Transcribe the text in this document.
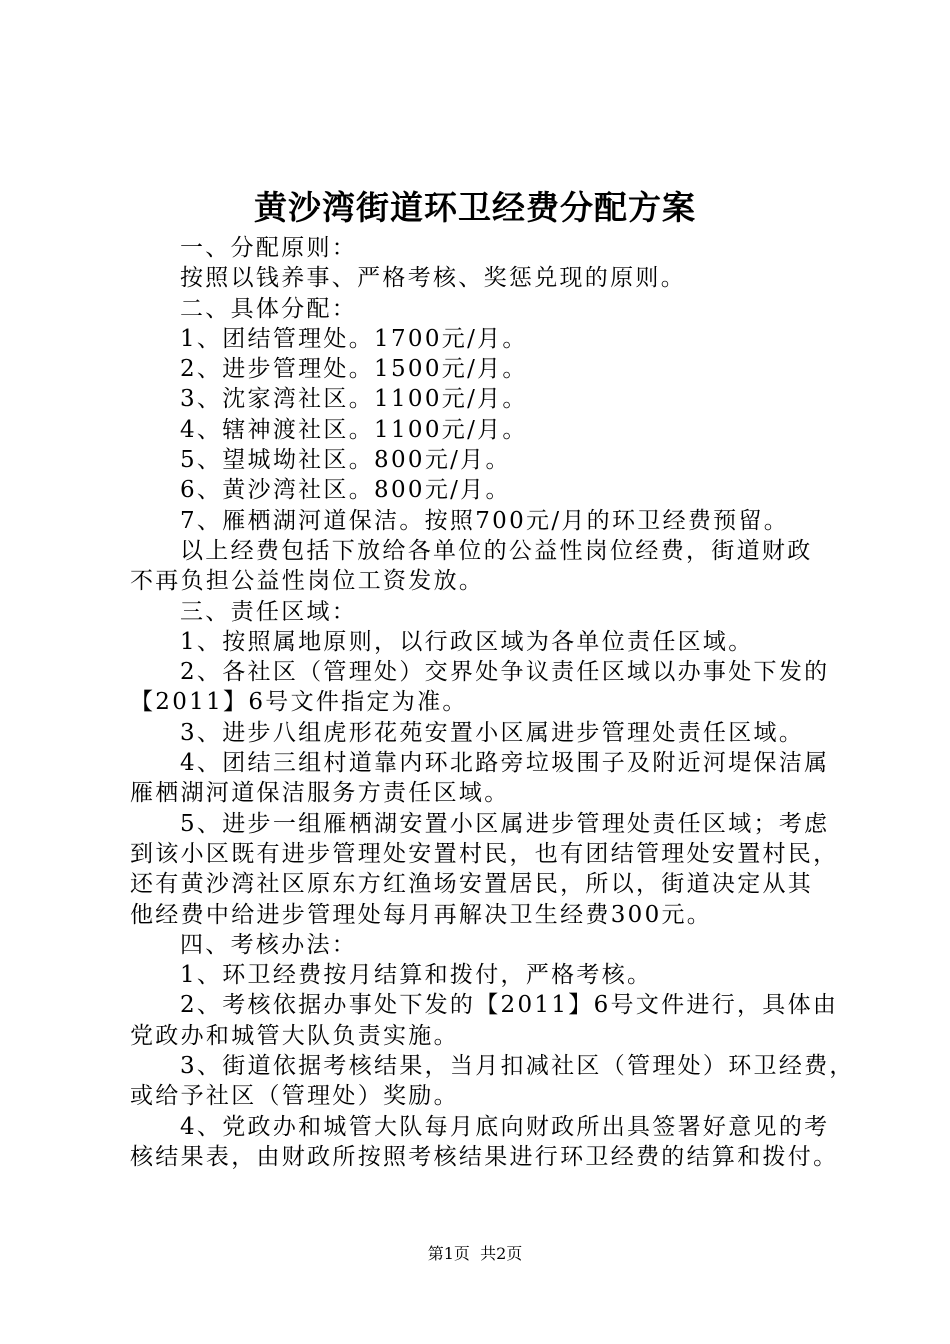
黄沙湾街道环卫经费分配方案

一、分配原则：

按照以钱养事、严格考核、奖惩兑现的原则。

二、具体分配：

1、团结管理处。1700元/月。

2、进步管理处。1500元/月。

3、沈家湾社区。1100元/月。

4、辖神渡社区。1100元/月。

5、望城坳社区。800元/月。

6、黄沙湾社区。800元/月。

7、雁栖湖河道保洁。按照700元/月的环卫经费预留。

以上经费包括下放给各单位的公益性岗位经费，街道财政

不再负担公益性岗位工资发放。

三、责任区域：

1、按照属地原则，以行政区域为各单位责任区域。

2、各社区（管理处）交界处争议责任区域以办事处下发的

【2011】6号文件指定为准。

3、进步八组虎形花苑安置小区属进步管理处责任区域。

4、团结三组村道靠内环北路旁垃圾围子及附近河堤保洁属

雁栖湖河道保洁服务方责任区域。

5、进步一组雁栖湖安置小区属进步管理处责任区域；考虑

到该小区既有进步管理处安置村民，也有团结管理处安置村民，

还有黄沙湾社区原东方红渔场安置居民，所以，街道决定从其

他经费中给进步管理处每月再解决卫生经费300元。

四、考核办法：

1、环卫经费按月结算和拨付，严格考核。

2、考核依据办事处下发的【2011】6号文件进行，具体由

党政办和城管大队负责实施。

3、街道依据考核结果，当月扣减社区（管理处）环卫经费，

或给予社区（管理处）奖励。

4、党政办和城管大队每月底向财政所出具签署好意见的考

核结果表，由财政所按照考核结果进行环卫经费的结算和拨付。

第1页 共2页
